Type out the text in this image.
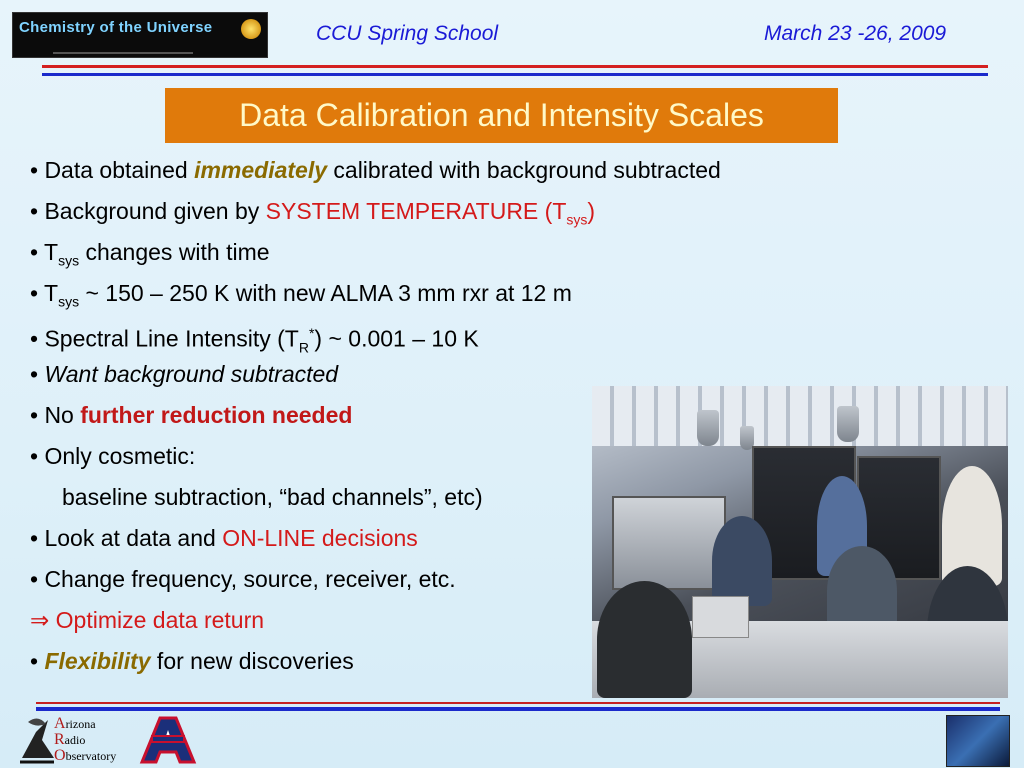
Chemistry of the Universe	CCU Spring School	March 23 -26, 2009
Data Calibration and Intensity Scales
• Data obtained immediately calibrated with background subtracted
• Background given by SYSTEM TEMPERATURE $(T_{sys})$
• $T_{sys}$ changes with time
• $T_{sys}$ ~ 150 – 250 K with new ALMA 3 mm rxr at 12 m
• Spectral Line Intensity $(T_R^*)$ ~ 0.001 – 10 K
• Want background subtracted
• No further reduction needed
• Only cosmetic:
baseline subtraction, “bad channels”, etc)
• Look at data and ON-LINE decisions
• Change frequency, source, receiver, etc.
⇒ Optimize data return
• Flexibility for new discoveries
Arizona
Radio
Observatory
